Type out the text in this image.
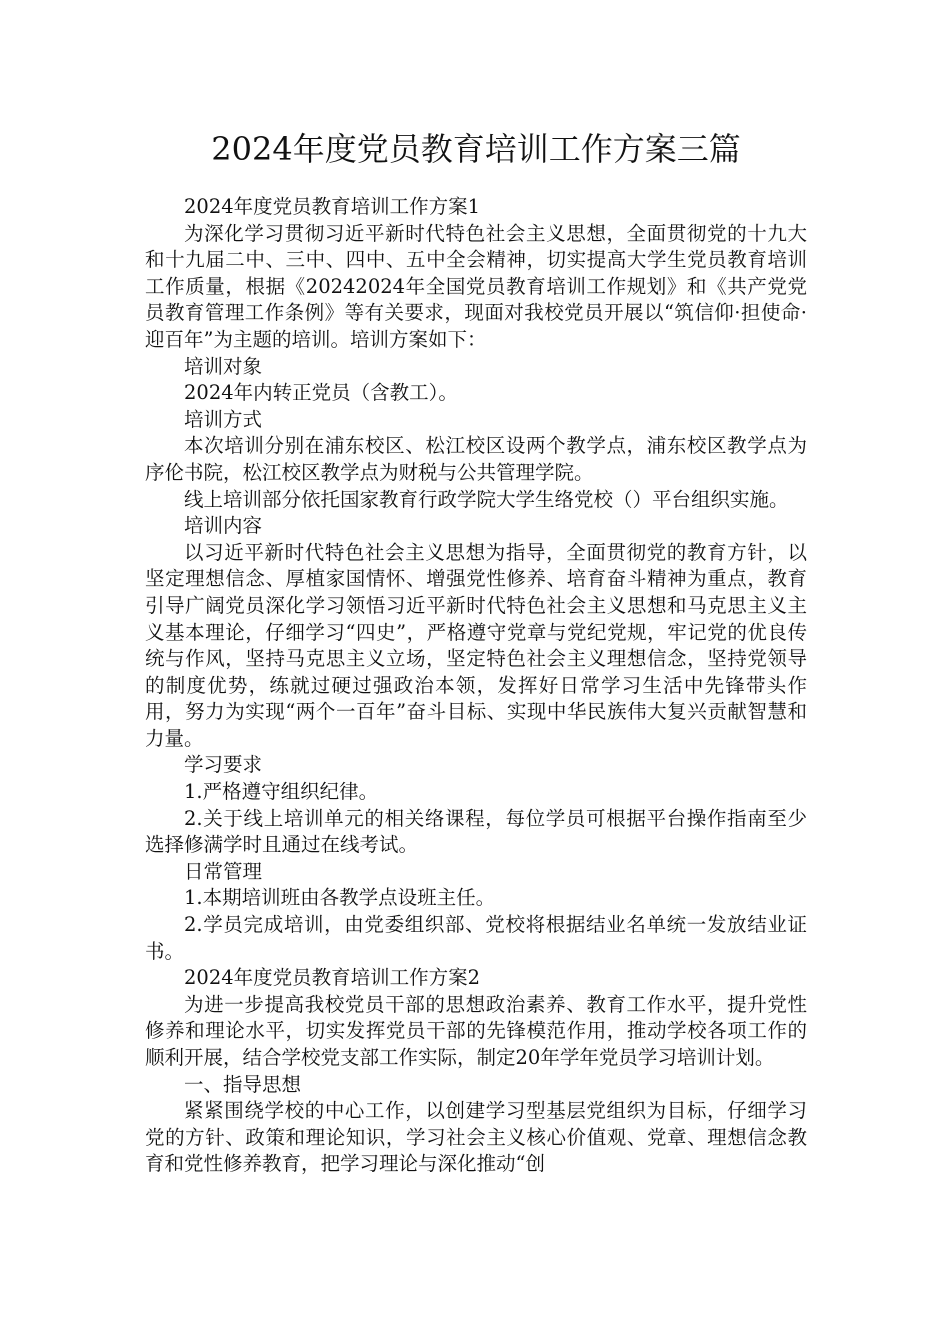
2024年度党员教育培训工作方案三篇

2024年度党员教育培训工作方案1

为深化学习贯彻习近平新时代特色社会主义思想，全面贯彻党的十九大和十九届二中、三中、四中、五中全会精神，切实提高大学生党员教育培训工作质量，根据《20242024年全国党员教育培训工作规划》和《共产党党员教育管理工作条例》等有关要求，现面对我校党员开展以“筑信仰·担使命·迎百年”为主题的培训。培训方案如下：

培训对象

2024年内转正党员（含教工）。

培训方式

本次培训分别在浦东校区、松江校区设两个教学点，浦东校区教学点为序伦书院，松江校区教学点为财税与公共管理学院。

线上培训部分依托国家教育行政学院大学生络党校（）平台组织实施。

培训内容

以习近平新时代特色社会主义思想为指导，全面贯彻党的教育方针，以坚定理想信念、厚植家国情怀、增强党性修养、培育奋斗精神为重点，教育引导广阔党员深化学习领悟习近平新时代特色社会主义思想和马克思主义主义基本理论，仔细学习“四史”，严格遵守党章与党纪党规，牢记党的优良传统与作风，坚持马克思主义立场，坚定特色社会主义理想信念，坚持党领导的制度优势，练就过硬过强政治本领，发挥好日常学习生活中先锋带头作用，努力为实现“两个一百年”奋斗目标、实现中华民族伟大复兴贡献智慧和力量。

学习要求

1.严格遵守组织纪律。

2.关于线上培训单元的相关络课程，每位学员可根据平台操作指南至少选择修满学时且通过在线考试。

日常管理

1.本期培训班由各教学点设班主任。

2.学员完成培训，由党委组织部、党校将根据结业名单统一发放结业证书。

2024年度党员教育培训工作方案2

为进一步提高我校党员干部的思想政治素养、教育工作水平，提升党性修养和理论水平，切实发挥党员干部的先锋模范作用，推动学校各项工作的顺利开展，结合学校党支部工作实际，制定20年学年党员学习培训计划。

一、指导思想

紧紧围绕学校的中心工作，以创建学习型基层党组织为目标，仔细学习党的方针、政策和理论知识，学习社会主义核心价值观、党章、理想信念教育和党性修养教育，把学习理论与深化推动“创
